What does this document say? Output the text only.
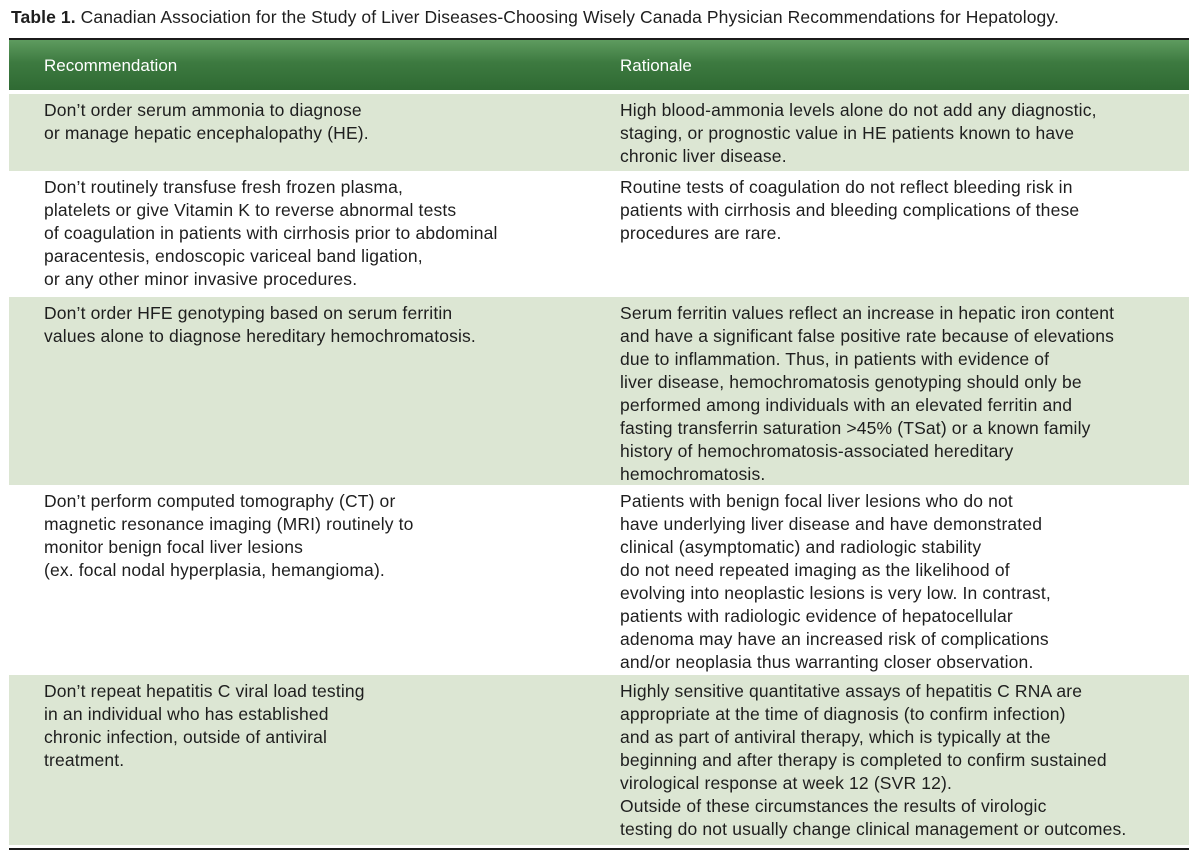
Table 1. Canadian Association for the Study of Liver Diseases-Choosing Wisely Canada Physician Recommendations for Hepatology.
Recommendation	Rationale
Don’t order serum ammonia to diagnose
or manage hepatic encephalopathy (HE).
High blood-ammonia levels alone do not add any diagnostic,
staging, or prognostic value in HE patients known to have
chronic liver disease.
Don’t routinely transfuse fresh frozen plasma,
platelets or give Vitamin K to reverse abnormal tests
of coagulation in patients with cirrhosis prior to abdominal
paracentesis, endoscopic variceal band ligation,
or any other minor invasive procedures.
Routine tests of coagulation do not reflect bleeding risk in
patients with cirrhosis and bleeding complications of these
procedures are rare.
Don’t order HFE genotyping based on serum ferritin
values alone to diagnose hereditary hemochromatosis.
Serum ferritin values reflect an increase in hepatic iron content
and have a significant false positive rate because of elevations
due to inflammation. Thus, in patients with evidence of
liver disease, hemochromatosis genotyping should only be
performed among individuals with an elevated ferritin and
fasting transferrin saturation >45% (TSat) or a known family
history of hemochromatosis-associated hereditary
hemochromatosis.
Don’t perform computed tomography (CT) or
magnetic resonance imaging (MRI) routinely to
monitor benign focal liver lesions
(ex. focal nodal hyperplasia, hemangioma).
Patients with benign focal liver lesions who do not
have underlying liver disease and have demonstrated
clinical (asymptomatic) and radiologic stability
do not need repeated imaging as the likelihood of
evolving into neoplastic lesions is very low. In contrast,
patients with radiologic evidence of hepatocellular
adenoma may have an increased risk of complications
and/or neoplasia thus warranting closer observation.
Don’t repeat hepatitis C viral load testing
in an individual who has established
chronic infection, outside of antiviral
treatment.
Highly sensitive quantitative assays of hepatitis C RNA are
appropriate at the time of diagnosis (to confirm infection)
and as part of antiviral therapy, which is typically at the
beginning and after therapy is completed to confirm sustained
virological response at week 12 (SVR 12).
Outside of these circumstances the results of virologic
testing do not usually change clinical management or outcomes.
